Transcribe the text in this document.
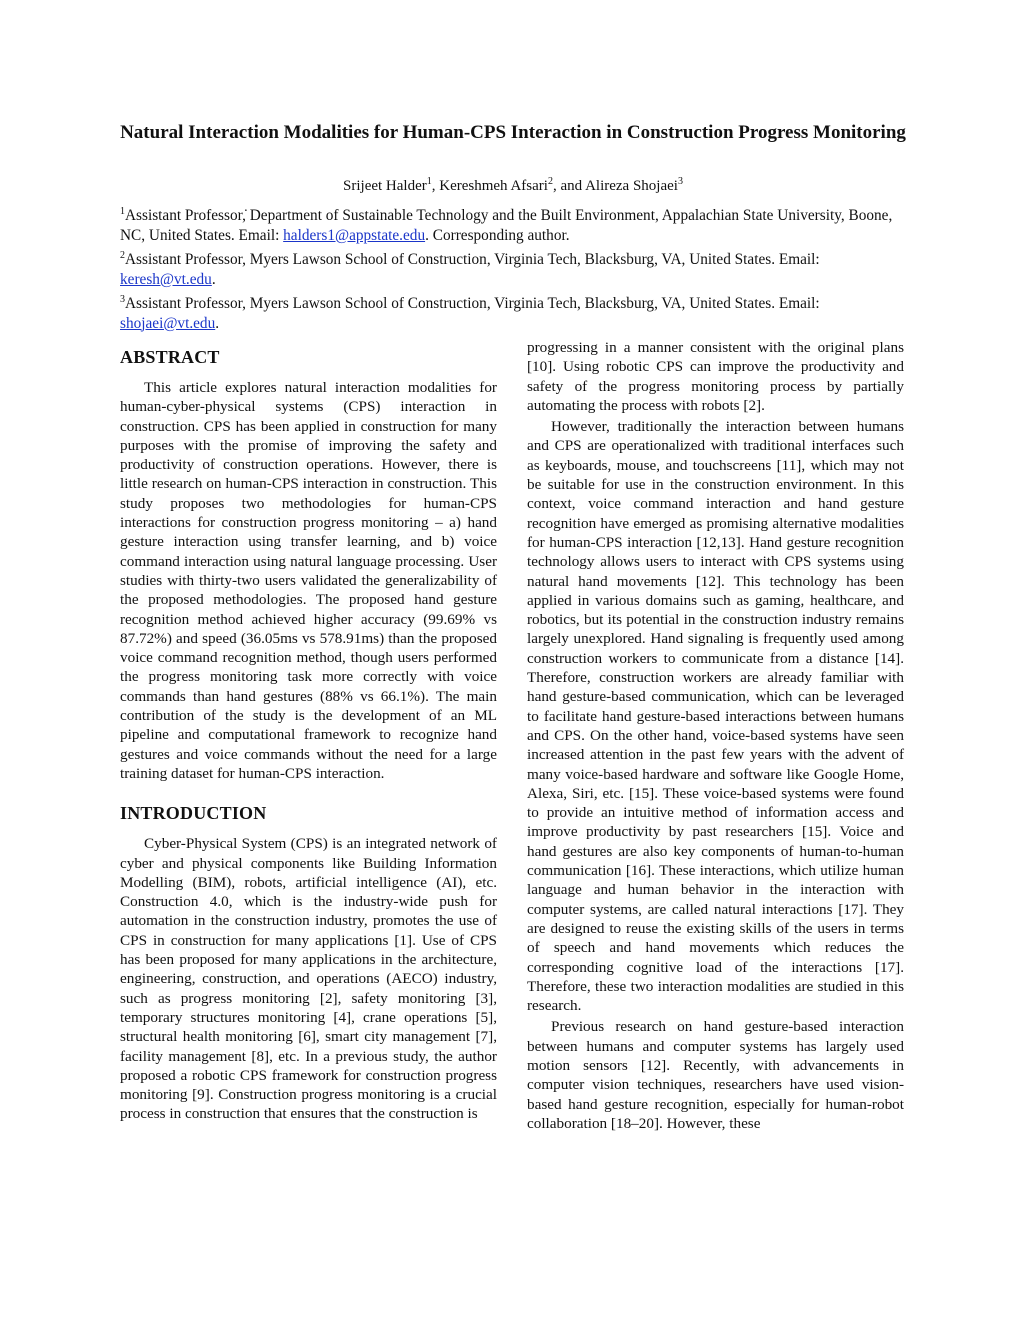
Natural Interaction Modalities for Human-CPS Interaction in Construction Progress Monitoring

Srijeet Halder$^1$, Kereshmeh Afsari$^2$, and Alireza Shojaei$^3$

$^1$Assistant Professor,̇ Department of Sustainable Technology and the Built Environment, Appalachian State University, Boone, NC, United States. Email: halders1@appstate.edu. Corresponding author.

$^2$Assistant Professor, Myers Lawson School of Construction, Virginia Tech, Blacksburg, VA, United States. Email: keresh@vt.edu.

$^3$Assistant Professor, Myers Lawson School of Construction, Virginia Tech, Blacksburg, VA, United States. Email: shojaei@vt.edu.

ABSTRACT

This article explores natural interaction modalities for human-cyber-physical systems (CPS) interaction in construction. CPS has been applied in construction for many purposes with the promise of improving the safety and productivity of construction operations. However, there is little research on human-CPS interaction in construction. This study proposes two methodologies for human-CPS interactions for construction progress monitoring – a) hand gesture interaction using transfer learning, and b) voice command interaction using natural language processing. User studies with thirty-two users validated the generalizability of the proposed methodologies. The proposed hand gesture recognition method achieved higher accuracy (99.69% vs 87.72%) and speed (36.05ms vs 578.91ms) than the proposed voice command recognition method, though users performed the progress monitoring task more correctly with voice commands than hand gestures (88% vs 66.1%). The main contribution of the study is the development of an ML pipeline and computational framework to recognize hand gestures and voice commands without the need for a large training dataset for human-CPS interaction.

INTRODUCTION

Cyber-Physical System (CPS) is an integrated network of cyber and physical components like Building Information Modelling (BIM), robots, artificial intelligence (AI), etc. Construction 4.0, which is the industry-wide push for automation in the construction industry, promotes the use of CPS in construction for many applications [1]. Use of CPS has been proposed for many applications in the architecture, engineering, construction, and operations (AECO) industry, such as progress monitoring [2], safety monitoring [3], temporary structures monitoring [4], crane operations [5], structural health monitoring [6], smart city management [7], facility management [8], etc. In a previous study, the author proposed a robotic CPS framework for construction progress monitoring [9]. Construction progress monitoring is a crucial process in construction that ensures that the construction is

progressing in a manner consistent with the original plans [10]. Using robotic CPS can improve the productivity and safety of the progress monitoring process by partially automating the process with robots [2].

However, traditionally the interaction between humans and CPS are operationalized with traditional interfaces such as keyboards, mouse, and touchscreens [11], which may not be suitable for use in the construction environment. In this context, voice command interaction and hand gesture recognition have emerged as promising alternative modalities for human-CPS interaction [12,13]. Hand gesture recognition technology allows users to interact with CPS systems using natural hand movements [12]. This technology has been applied in various domains such as gaming, healthcare, and robotics, but its potential in the construction industry remains largely unexplored. Hand signaling is frequently used among construction workers to communicate from a distance [14]. Therefore, construction workers are already familiar with hand gesture-based communication, which can be leveraged to facilitate hand gesture-based interactions between humans and CPS. On the other hand, voice-based systems have seen increased attention in the past few years with the advent of many voice-based hardware and software like Google Home, Alexa, Siri, etc. [15]. These voice-based systems were found to provide an intuitive method of information access and improve productivity by past researchers [15]. Voice and hand gestures are also key components of human-to-human communication [16]. These interactions, which utilize human language and human behavior in the interaction with computer systems, are called natural interactions [17]. They are designed to reuse the existing skills of the users in terms of speech and hand movements which reduces the corresponding cognitive load of the interactions [17]. Therefore, these two interaction modalities are studied in this research.

Previous research on hand gesture-based interaction between humans and computer systems has largely used motion sensors [12]. Recently, with advancements in computer vision techniques, researchers have used vision-based hand gesture recognition, especially for human-robot collaboration [18–20]. However, these
